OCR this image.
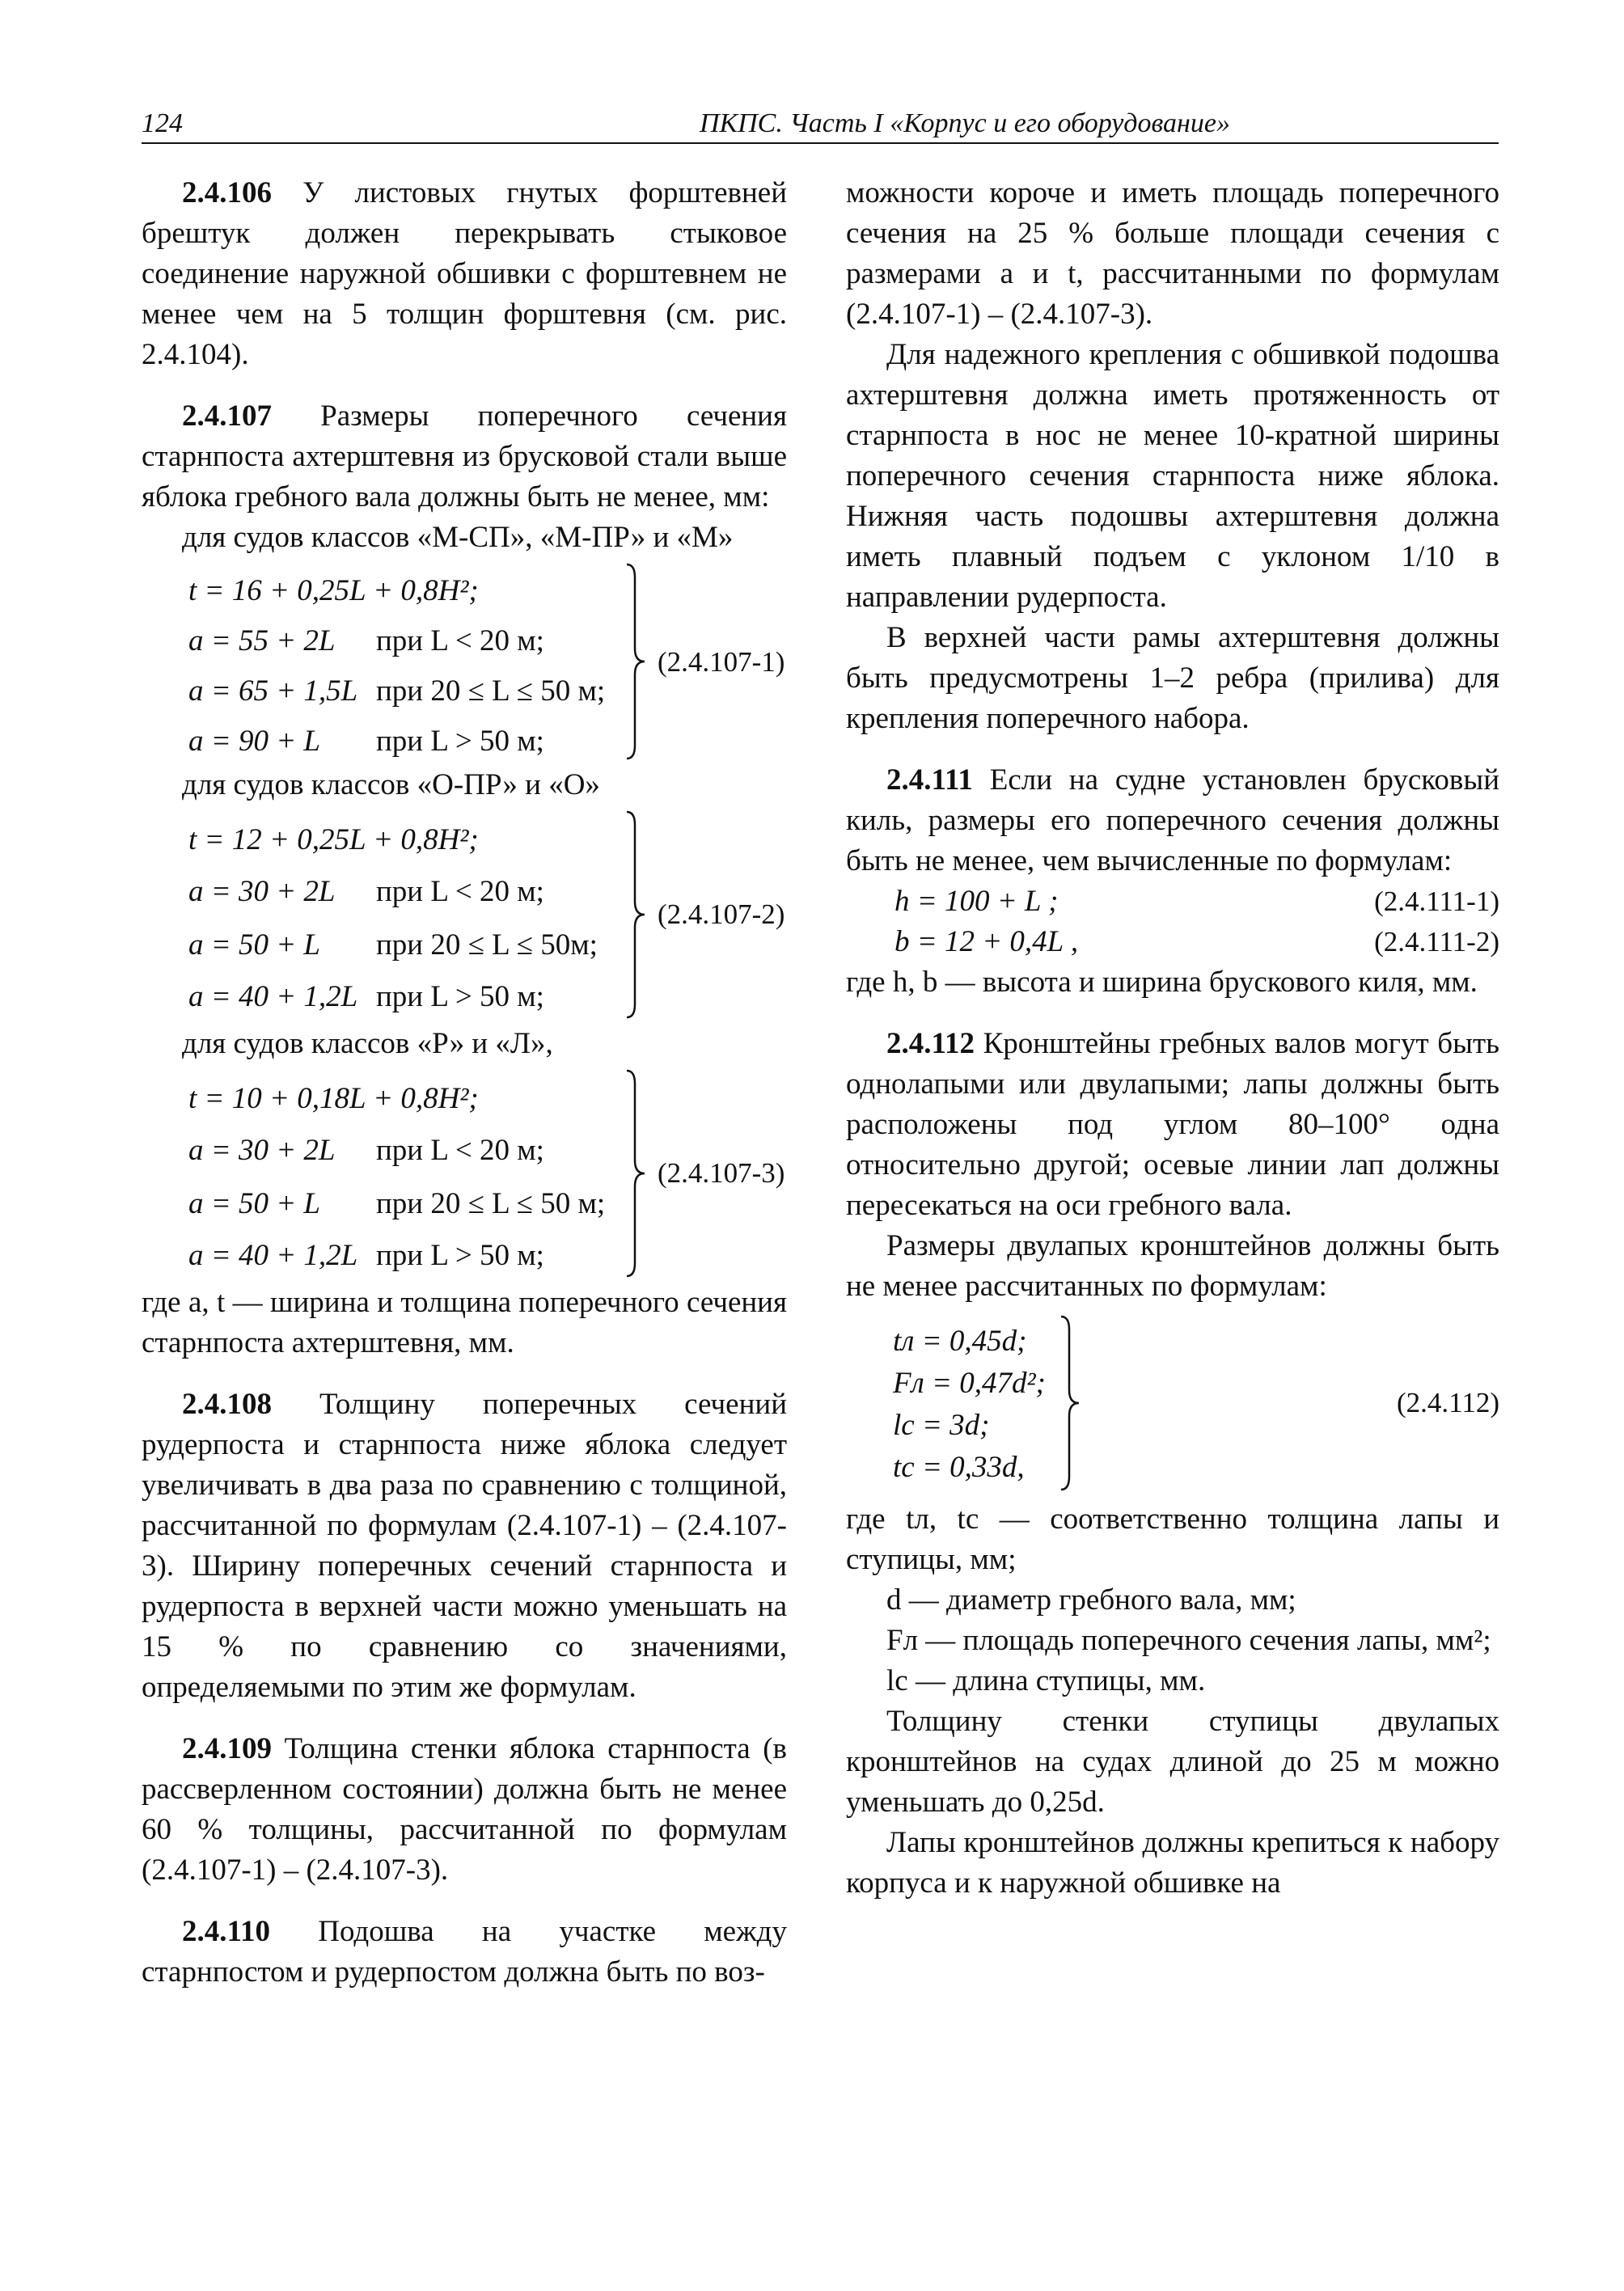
124	ПКПС. Часть I «Корпус и его оборудование»

2.4.106 У листовых гнутых форштевней брештук должен перекрывать стыковое соединение наружной обшивки с форштевнем не менее чем на 5 толщин форштевня (см. рис. 2.4.104).

2.4.107 Размеры поперечного сечения старнпоста ахтерштевня из брусковой стали выше яблока гребного вала должны быть не менее, мм:

для судов классов «М-СП», «М-ПР» и «М»

t = 16 + 0,25L + 0,8H²;
a = 55 + 2L при L < 20 м;
a = 65 + 1,5L при 20 ≤ L ≤ 50 м;
a = 90 + L при L > 50 м;
(2.4.107-1)

для судов классов «О-ПР» и «О»

t = 12 + 0,25L + 0,8H²;
a = 30 + 2L при L < 20 м;
a = 50 + L при 20 ≤ L ≤ 50м;
a = 40 + 1,2L при L > 50 м;
(2.4.107-2)

для судов классов «Р» и «Л»,

t = 10 + 0,18L + 0,8H²;
a = 30 + 2L при L < 20 м;
a = 50 + L при 20 ≤ L ≤ 50 м;
a = 40 + 1,2L при L > 50 м;
(2.4.107-3)

где a, t — ширина и толщина поперечного сечения старнпоста ахтерштевня, мм.

2.4.108 Толщину поперечных сечений рудерпоста и старнпоста ниже яблока следует увеличивать в два раза по сравнению с толщиной, рассчитанной по формулам (2.4.107-1) – (2.4.107-3). Ширину поперечных сечений старнпоста и рудерпоста в верхней части можно уменьшать на 15 % по сравнению со значениями, определяемыми по этим же формулам.

2.4.109 Толщина стенки яблока старнпоста (в рассверленном состоянии) должна быть не менее 60 % толщины, рассчитанной по формулам (2.4.107-1) – (2.4.107-3).

2.4.110 Подошва на участке между старнпостом и рудерпостом должна быть по воз-

можности короче и иметь площадь поперечного сечения на 25 % больше площади сечения с размерами a и t, рассчитанными по формулам (2.4.107-1) – (2.4.107-3).

Для надежного крепления с обшивкой подошва ахтерштевня должна иметь протяженность от старнпоста в нос не менее 10-кратной ширины поперечного сечения старнпоста ниже яблока. Нижняя часть подошвы ахтерштевня должна иметь плавный подъем с уклоном 1/10 в направлении рудерпоста.

В верхней части рамы ахтерштевня должны быть предусмотрены 1–2 ребра (прилива) для крепления поперечного набора.

2.4.111 Если на судне установлен брусковый киль, размеры его поперечного сечения должны быть не менее, чем вычисленные по формулам:

h = 100 + L ;	(2.4.111-1)
b = 12 + 0,4L ,	(2.4.111-2)

где h, b — высота и ширина брускового киля, мм.

2.4.112 Кронштейны гребных валов могут быть однолапыми или двулапыми; лапы должны быть расположены под углом 80–100° одна относительно другой; осевые линии лап должны пересекаться на оси гребного вала.

Размеры двулапых кронштейнов должны быть не менее рассчитанных по формулам:

tл = 0,45d;
Fл = 0,47d²;
lс = 3d;
tс = 0,33d,
(2.4.112)

где tл, tс — соответственно толщина лапы и ступицы, мм;

d — диаметр гребного вала, мм;

Fл — площадь поперечного сечения лапы, мм²;

lс — длина ступицы, мм.

Толщину стенки ступицы двулапых кронштейнов на судах длиной до 25 м можно уменьшать до 0,25d.

Лапы кронштейнов должны крепиться к набору корпуса и к наружной обшивке на
